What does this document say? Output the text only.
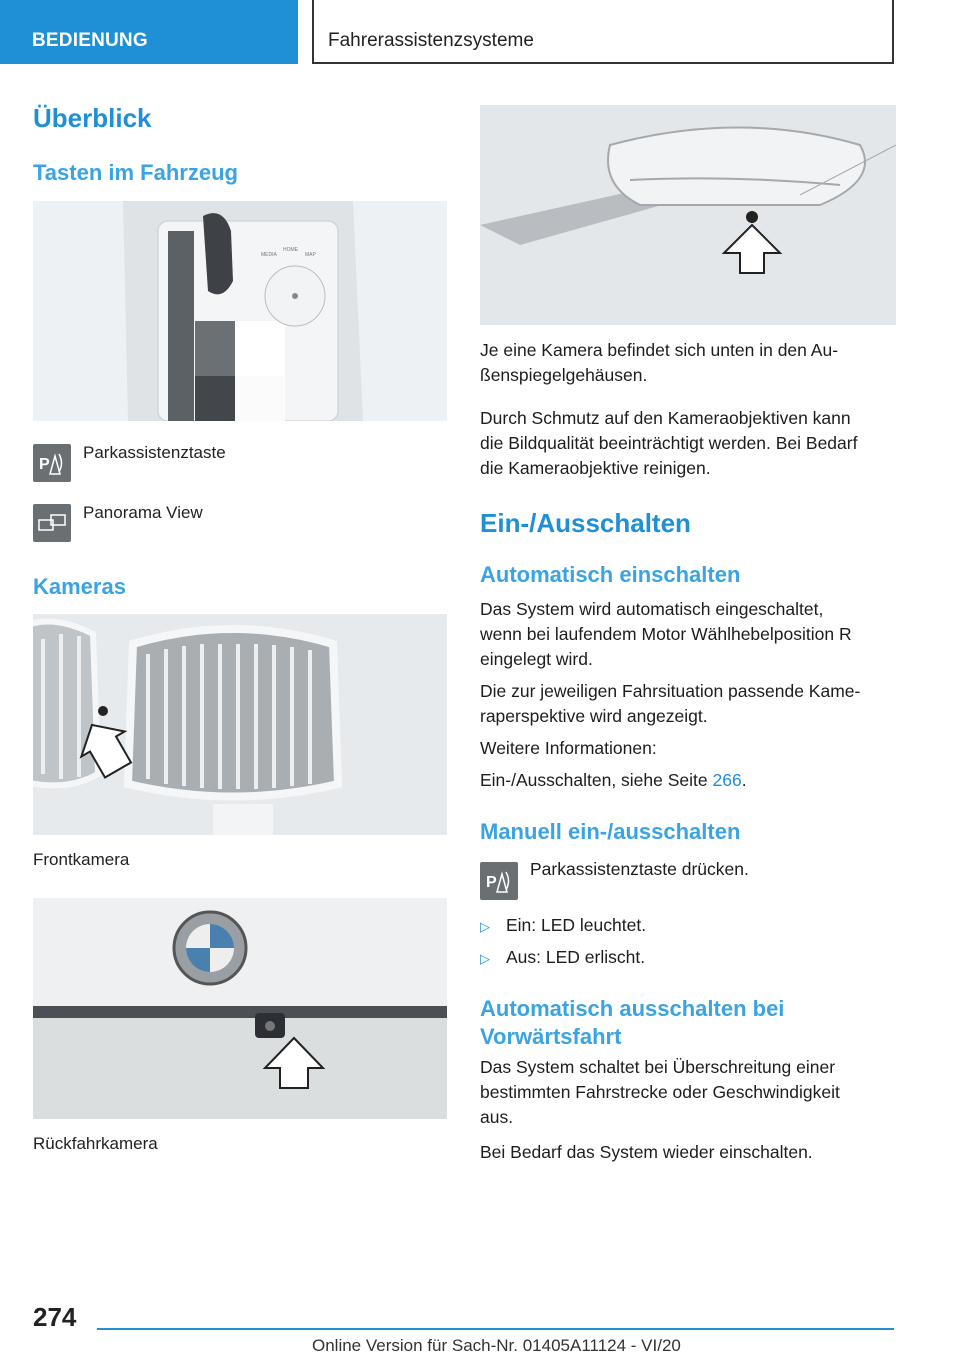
BEDIENUNG	Fahrerassistenzsysteme
Überblick
Tasten im Fahrzeug
MEDIA
HOME
MAP
P
Parkassistenztaste
Panorama View
Kameras
Frontkamera
Rückfahrkamera
Je eine Kamera befindet sich unten in den Au-
ßenspiegelgehäusen.
Durch Schmutz auf den Kameraobjektiven kann
die Bildqualität beeinträchtigt werden. Bei Bedarf
die Kameraobjektive reinigen.
Ein-/Ausschalten
Automatisch einschalten
Das System wird automatisch eingeschaltet,
wenn bei laufendem Motor Wählhebelposition R
eingelegt wird.
Die zur jeweiligen Fahrsituation passende Kame-
raperspektive wird angezeigt.
Weitere Informationen:
Ein-/Ausschalten, siehe Seite 266.
Manuell ein-/ausschalten
P
Parkassistenztaste drücken.
▷ Ein: LED leuchtet.
▷ Aus: LED erlischt.
Automatisch ausschalten bei
Vorwärtsfahrt
Das System schaltet bei Überschreitung einer
bestimmten Fahrstrecke oder Geschwindigkeit
aus.
Bei Bedarf das System wieder einschalten.
274
Online Version für Sach-Nr. 01405A11124 - VI/20
